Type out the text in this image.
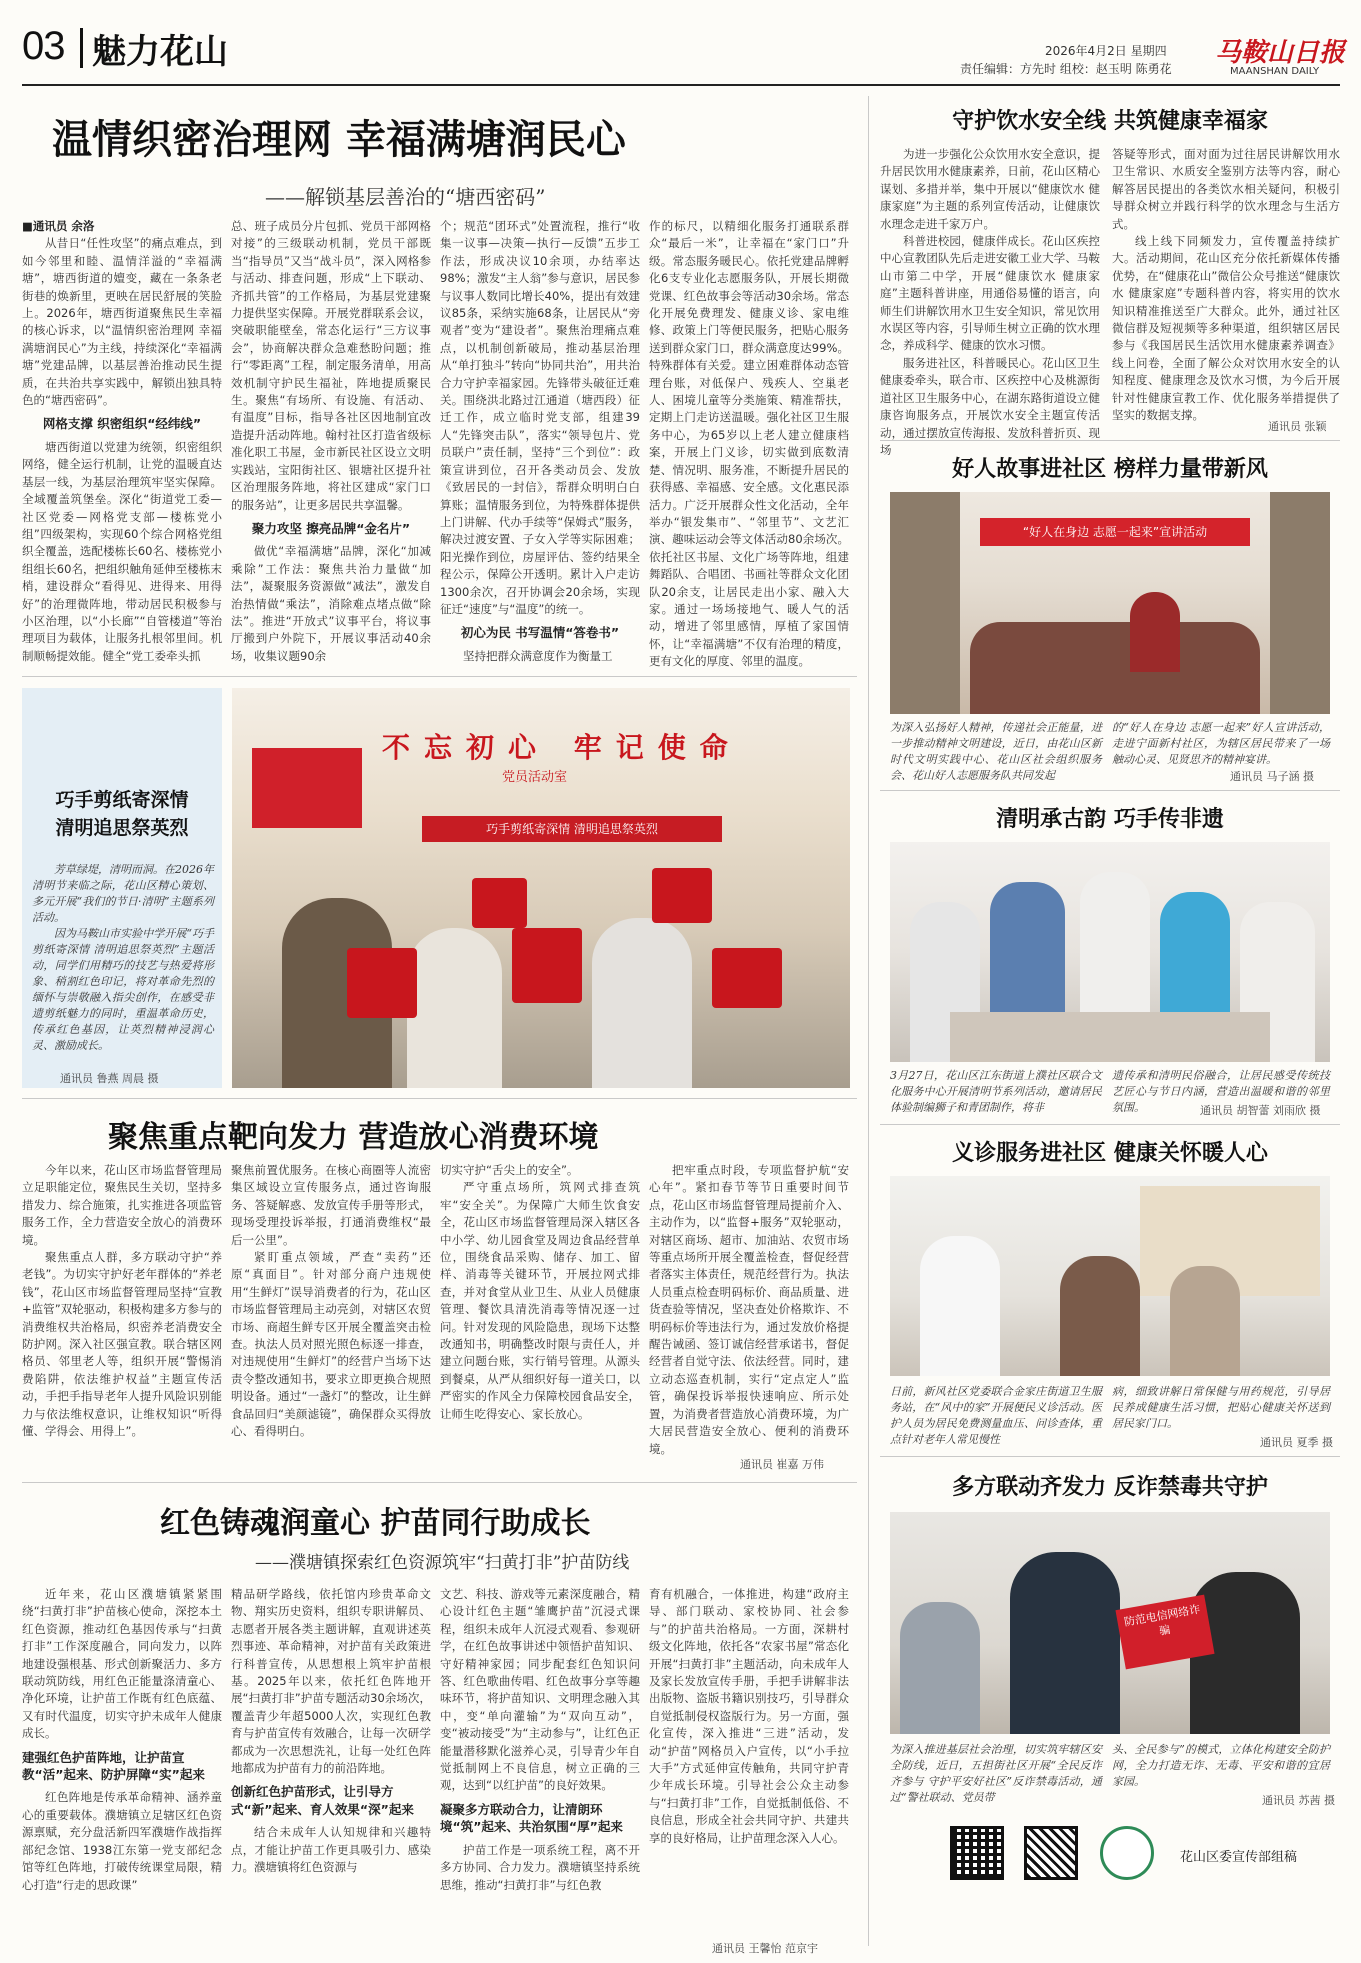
03 魅力花山	2026年4月2日 星期四
责任编辑：方先时 组校：赵玉明 陈勇花
马鞍山日报
MAANSHAN DAILY
温情织密治理网 幸福满塘润民心
——解锁基层善治的“塘西密码”
■通讯员 余洛

从昔日“任性攻坚”的痛点难点，到如今邻里和睦、温情洋溢的“幸福满塘”，塘西街道的嬗变，藏在一条条老街巷的焕新里，更映在居民舒展的笑脸上。2026年，塘西街道聚焦民生幸福的核心诉求，以“温情织密治理网 幸福满塘润民心”为主线，持续深化“幸福满塘”党建品牌，以基层善治推动民生提质，在共治共享实践中，解锁出独具特色的“塘西密码”。

网格支撑 织密组织“经纬线”

塘西街道以党建为统领，织密组织网络，健全运行机制，让党的温暖直达基层一线，为基层治理筑牢坚实保障。全域覆盖筑堡垒。深化“街道党工委—社区党委—网格党支部—楼栋党小组”四级架构，实现60个综合网格党组织全覆盖，选配楼栋长60名、楼栋党小组组长60名，把组织触角延伸至楼栋末梢，建设群众“看得见、进得来、用得好”的治理微阵地，带动居民积极参与小区治理，以“小长廊”“自管楼道”等治理项目为载体，让服务扎根邻里间。机制顺畅提效能。健全“党工委牵头抓

总、班子成员分片包抓、党员干部网格对接”的三级联动机制，党员干部既当“指导员”又当“战斗员”，深入网格参与活动、排查问题，形成“上下联动、齐抓共管”的工作格局，为基层党建聚力提供坚实保障。开展党群联系会议，突破职能壁垒，常态化运行“三方议事会”，协商解决群众急难愁盼问题；推行“零距离”工程，制定服务清单，用高效机制守护民生福祉，阵地提质聚民生。聚焦“有场所、有设施、有活动、有温度”目标，指导各社区因地制宜改造提升活动阵地。翰村社区打造省级标准化职工书屋，金市新民社区设立文明实践站，宝阳街社区、银塘社区提升社区治理服务阵地，将社区建成“家门口的服务站”，让更多居民共享温馨。

聚力攻坚 擦亮品牌“金名片”

做优“幸福满塘”品牌，深化“加减乘除”工作法：聚焦共治力量做“加法”，凝聚服务资源做“减法”，激发自治热情做“乘法”，消除难点堵点做“除法”。推进“开放式”议事平台，将议事厅搬到户外院下，开展议事活动40余场，收集议题90余

个；规范“团环式”处置流程，推行“收集一议事—决策—执行—反馈”五步工作法，形成决议10余项，办结率达98%；激发“主人翁”参与意识，居民参与议事人数同比增长40%，提出有效建议85条，采纳实施68条，让居民从“旁观者”变为“建设者”。聚焦治理痛点难点，以机制创新破局，推动基层治理从“单打独斗”转向“协同共治”，用共治合力守护幸福家园。先锋带头破征迁难关。围绕洪北路过江通道（塘西段）征迁工作，成立临时党支部，组建39人“先锋突击队”，落实“领导包片、党员联户”责任制，坚持“三个到位”：政策宣讲到位，召开各类动员会、发放《致居民的一封信》，帮群众明明白白算账；温情服务到位，为特殊群体提供上门讲解、代办手续等“保姆式”服务，解决过渡安置、子女入学等实际困难；阳光操作到位，房屋评估、签约结果全程公示，保障公开透明。累计入户走访1300余次，召开协调会20余场，实现征迁“速度”与“温度”的统一。

初心为民 书写温情“答卷书”

坚持把群众满意度作为衡量工

作的标尺，以精细化服务打通联系群众“最后一米”，让幸福在“家门口”升级。常态服务暖民心。依托党建品牌孵化6支专业化志愿服务队，开展长期微党课、红色故事会等活动30余场。常态化开展免费理发、健康义诊、家电维修、政策上门等便民服务，把贴心服务送到群众家门口，群众满意度达99%。特殊群体有关爱。建立困难群体动态管理台账，对低保户、残疾人、空巢老人、困境儿童等分类施策、精准帮扶，定期上门走访送温暖。强化社区卫生服务中心，为65岁以上老人建立健康档案，开展上门义诊，切实做到底数清楚、情况明、服务准，不断提升居民的获得感、幸福感、安全感。文化惠民添活力。广泛开展群众性文化活动，全年举办“银发集市”、“邻里节”、文艺汇演、趣味运动会等文体活动80余场次。依托社区书屋、文化广场等阵地，组建舞蹈队、合唱团、书画社等群众文化团队20余支，让居民走出小家、融入大家。通过一场场接地气、暖人气的活动，增进了邻里感情，厚植了家国情怀，让“幸福满塘”不仅有治理的精度，更有文化的厚度、邻里的温度。

巧手剪纸寄深情
清明追思祭英烈

芳草绿堤，清明而洞。在2026年清明节来临之际，花山区精心策划、多元开展“我们的节日·清明”主题系列活动。

因为马鞍山市实验中学开展“巧手剪纸寄深情 清明追思祭英烈”主题活动，同学们用精巧的技艺与热爱将形象、稍割红色印记，将对革命先烈的缅怀与崇敬融入指尖创作，在感受非遗剪纸魅力的同时，重温革命历史，传承红色基因，让英烈精神浸润心灵、激励成长。

通讯员 鲁燕 周晨 摄
不忘初心 牢记使命
党员活动室
巧手剪纸寄深情 清明追思祭英烈
聚焦重点靶向发力 营造放心消费环境

今年以来，花山区市场监督管理局立足职能定位，聚焦民生关切，坚持多措发力、综合施策，扎实推进各项监管服务工作，全力营造安全放心的消费环境。

聚焦重点人群，多方联动守护“养老钱”。为切实守护好老年群体的“养老钱”，花山区市场监督管理局坚持“宣教+监管”双轮驱动，积极构建多方参与的消费维权共治格局，织密养老消费安全防护网。深入社区强宣教。联合辖区网格员、邻里老人等，组织开展“警惕消费陷阱，依法维护权益”主题宣传活动，手把手指导老年人提升风险识别能力与依法维权意识，让维权知识“听得懂、学得会、用得上”。

聚焦前置优服务。在核心商圈等人流密集区域设立宣传服务点，通过咨询服务、答疑解惑、发放宣传手册等形式，现场受理投诉举报，打通消费维权“最后一公里”。

紧盯重点领域，严查“卖药”还原“真面目”。针对部分商户违规使用“生鲜灯”误导消费者的行为，花山区市场监督管理局主动亮剑，对辖区农贸市场、商超生鲜专区开展全覆盖突击检查。执法人员对照光照色标逐一排查，对违规使用“生鲜灯”的经营户当场下达责令整改通知书，要求立即更换合规照明设备。通过“一盏灯”的整改，让生鲜食品回归“美颜滤镜”，确保群众买得放心、看得明白。

切实守护“舌尖上的安全”。

严守重点场所，筑网式排查筑牢“安全关”。为保障广大师生饮食安全，花山区市场监督管理局深入辖区各中小学、幼儿园食堂及周边食品经营单位，围绕食品采购、储存、加工、留样、消毒等关键环节，开展拉网式排查，并对食堂从业卫生、从业人员健康管理、餐饮具清洗消毒等情况逐一过问。针对发现的风险隐患，现场下达整改通知书，明确整改时限与责任人，并建立问题台账，实行销号管理。从源头到餐桌，从严从细织好每一道关口，以严密实的作风全力保障校园食品安全，让师生吃得安心、家长放心。

把牢重点时段，专项监督护航“安心年”。紧扣春节等节日重要时间节点，花山区市场监督管理局提前介入、主动作为，以“监督+服务”双轮驱动，对辖区商场、超市、加油站、农贸市场等重点场所开展全覆盖检查，督促经营者落实主体责任，规范经营行为。执法人员重点检查明码标价、商品质量、进货查验等情况，坚决查处价格欺诈、不明码标价等违法行为，通过发放价格提醒告诫函、签订诚信经营承诺书，督促经营者自觉守法、依法经营。同时，建立动态巡查机制，实行“定点定人”监管，确保投诉举报快速响应、所示处置，为消费者营造放心消费环境，为广大居民营造安全放心、便利的消费环境。

通讯员 崔嘉 万伟
红色铸魂润童心 护苗同行助成长
——濮塘镇探索红色资源筑牢“扫黄打非”护苗防线

近年来，花山区濮塘镇紧紧围绕“扫黄打非”护苗核心使命，深挖本土红色资源，推动红色基因传承与“扫黄打非”工作深度融合，同向发力，以阵地建设强根基、形式创新聚活力、多方联动筑防线，用红色正能量涤清童心、净化环境，让护苗工作既有红色底蕴、又有时代温度，切实守护未成年人健康成长。

建强红色护苗阵地，让护苗宣教“活”起来、防护屏障“实”起来

红色阵地是传承革命精神、涵养童心的重要载体。濮塘镇立足辖区红色资源禀赋，充分盘活新四军濮塘作战指挥部纪念馆、1938江东第一党支部纪念馆等红色阵地，打破传统课堂局限，精心打造“行走的思政课”

精品研学路线，依托馆内珍贵革命文物、翔实历史资料，组织专职讲解员、志愿者开展各类主题讲解，直观讲述英烈事迹、革命精神，对护苗有关政策进行科普宣传，从思想根上筑牢护苗根基。2025年以来，依托红色阵地开展“扫黄打非”护苗专题活动30余场次，覆盖青少年超5000人次，实现红色教育与护苗宣传有效融合，让每一次研学都成为一次思想洗礼，让每一处红色阵地都成为护苗有力的前沿阵地。

创新红色护苗形式，让引导方式“新”起来、育人效果“深”起来

结合未成年人认知规律和兴趣特点，才能让护苗工作更具吸引力、感染力。濮塘镇将红色资源与

文艺、科技、游戏等元素深度融合，精心设计红色主题“雏鹰护苗”沉浸式课程，组织未成年人沉浸式观看、参观研学，在红色故事讲述中领悟护苗知识、守好精神家园；同步配套红色知识问答、红色歌曲传唱、红色故事分享等趣味环节，将护苗知识、文明理念融入其中，变“单向灌输”为“双向互动”，变“被动接受”为“主动参与”，让红色正能量潜移默化滋养心灵，引导青少年自觉抵制网上不良信息，树立正确的三观，达到“以红护苗”的良好效果。

凝聚多方联动合力，让清朗环境“筑”起来、共治氛围“厚”起来

护苗工作是一项系统工程，离不开多方协同、合力发力。濮塘镇坚持系统思维，推动“扫黄打非”与红色教

育有机融合，一体推进，构建“政府主导、部门联动、家校协同、社会参与”的护苗共治格局。一方面，深耕村级文化阵地，依托各“农家书屋”常态化开展“扫黄打非”主题活动，向未成年人及家长发放宣传手册，手把手讲解非法出版物、盗版书籍识别技巧，引导群众自觉抵制侵权盗版行为。另一方面，强化宣传，深入推进“三进”活动，发动“护苗”网格员入户宣传，以“小手拉大手”方式延伸宣传触角，共同守护青少年成长环境。引导社会公众主动参与“扫黄打非”工作，自觉抵制低俗、不良信息，形成全社会共同守护、共建共享的良好格局，让护苗理念深入人心。

通讯员 王馨怡 范京宇
守护饮水安全线 共筑健康幸福家

为进一步强化公众饮用水安全意识，提升居民饮用水健康素养，日前，花山区精心谋划、多措并举，集中开展以“健康饮水 健康家庭”为主题的系列宣传活动，让健康饮水理念走进千家万户。

科普进校园，健康伴成长。花山区疾控中心宣教团队先后走进安徽工业大学、马鞍山市第二中学，开展“健康饮水 健康家庭”主题科普讲座，用通俗易懂的语言，向师生们讲解饮用水卫生安全知识，常见饮用水误区等内容，引导师生树立正确的饮水理念，养成科学、健康的饮水习惯。

服务进社区，科普暖民心。花山区卫生健康委牵头，联合市、区疾控中心及桃源街道社区卫生服务中心，在湖东路街道设立健康咨询服务点，开展饮水安全主题宣传活动，通过摆放宣传海报、发放科普折页、现场

答疑等形式，面对面为过往居民讲解饮用水卫生常识、水质安全鉴别方法等内容，耐心解答居民提出的各类饮水相关疑问，积极引导群众树立并践行科学的饮水理念与生活方式。

线上线下同频发力，宣传覆盖持续扩大。活动期间，花山区充分依托新媒体传播优势，在“健康花山”微信公众号推送“健康饮水 健康家庭”专题科普内容，将实用的饮水知识精准推送至广大群众。此外，通过社区微信群及短视频等多种渠道，组织辖区居民参与《我国居民生活饮用水健康素养调查》线上问卷，全面了解公众对饮用水安全的认知程度、健康理念及饮水习惯，为今后开展针对性健康宣教工作、优化服务举措提供了坚实的数据支撑。

通讯员 张颖
好人故事进社区 榜样力量带新风
“好人在身边 志愿一起来”宣讲活动
为深入弘扬好人精神，传递社会正能量，进一步推动精神文明建设，近日，由花山区新时代文明实践中心、花山区社会组织服务会、花山好人志愿服务队共同发起
的“好人在身边 志愿一起来”好人宣讲活动，走进宁面新村社区，为辖区居民带来了一场触动心灵、见贤思齐的精神宴讲。
通讯员 马子涵 摄
清明承古韵 巧手传非遗
3月27日，花山区江东街道上濮社区联合文化服务中心开展清明节系列活动，邀请居民体验制编狮子和青团制作，将非
遗传承和清明民俗融合，让居民感受传统技艺匠心与节日内涵，营造出温暖和谐的邻里氛围。	通讯员 胡智蕾 刘雨欣 摄
义诊服务进社区 健康关怀暖人心
日前，新风社区党委联合金家庄街道卫生服务站，在“风中的家”开展便民义诊活动。医护人员为居民免费测量血压、问诊查体，重点针对老年人常见慢性
病，细致讲解日常保健与用药规范，引导居民养成健康生活习惯，把贴心健康关怀送到居民家门口。
通讯员 夏季 摄
多方联动齐发力 反诈禁毒共守护
防范电信网络诈骗
为深入推进基层社会治理，切实筑牢辖区安全防线，近日，五担街社区开展“全民反诈齐参与 守护平安好社区”反诈禁毒活动，通过“警社联动、党员带
头、全民参与”的模式，立体化构建安全防护网，全力打造无诈、无毒、平安和谐的宜居家园。
通讯员 苏茜 摄
花山区委宣传部组稿
